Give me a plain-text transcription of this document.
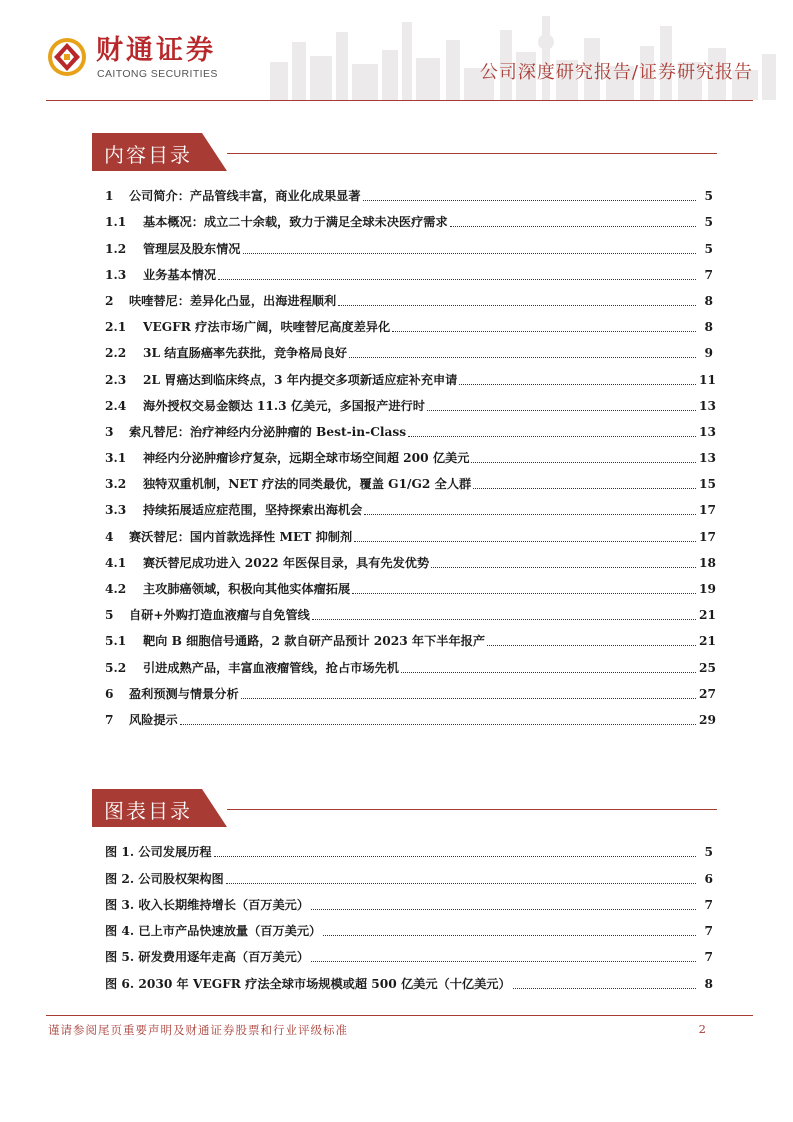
财通证券
CAITONG SECURITIES	公司深度研究报告/证券研究报告
内容目录
1	公司简介：产品管线丰富，商业化成果显著	5
1.1	基本概况：成立二十余载，致力于满足全球未决医疗需求	5
1.2	管理层及股东情况	5
1.3	业务基本情况	7
2	呋喹替尼：差异化凸显，出海进程顺利	8
2.1	VEGFR 疗法市场广阔，呋喹替尼高度差异化	8
2.2	3L 结直肠癌率先获批，竞争格局良好	9
2.3	2L 胃癌达到临床终点，3 年内提交多项新适应症补充申请	11
2.4	海外授权交易金额达 11.3 亿美元，多国报产进行时	13
3	索凡替尼：治疗神经内分泌肿瘤的 Best-in-Class	13
3.1	神经内分泌肿瘤诊疗复杂，远期全球市场空间超 200 亿美元	13
3.2	独特双重机制，NET 疗法的同类最优，覆盖 G1/G2 全人群	15
3.3	持续拓展适应症范围，坚持探索出海机会	17
4	赛沃替尼：国内首款选择性 MET 抑制剂	17
4.1	赛沃替尼成功进入 2022 年医保目录，具有先发优势	18
4.2	主攻肺癌领域，积极向其他实体瘤拓展	19
5	自研+外购打造血液瘤与自免管线	21
5.1	靶向 B 细胞信号通路，2 款自研产品预计 2023 年下半年报产	21
5.2	引进成熟产品，丰富血液瘤管线，抢占市场先机	25
6	盈利预测与情景分析	27
7	风险提示	29
图表目录
图 1. 公司发展历程	5
图 2. 公司股权架构图	6
图 3. 收入长期维持增长（百万美元）	7
图 4. 已上市产品快速放量（百万美元）	7
图 5. 研发费用逐年走高（百万美元）	7
图 6. 2030 年 VEGFR 疗法全球市场规模或超 500 亿美元（十亿美元）	8
谨请参阅尾页重要声明及财通证券股票和行业评级标准	2
